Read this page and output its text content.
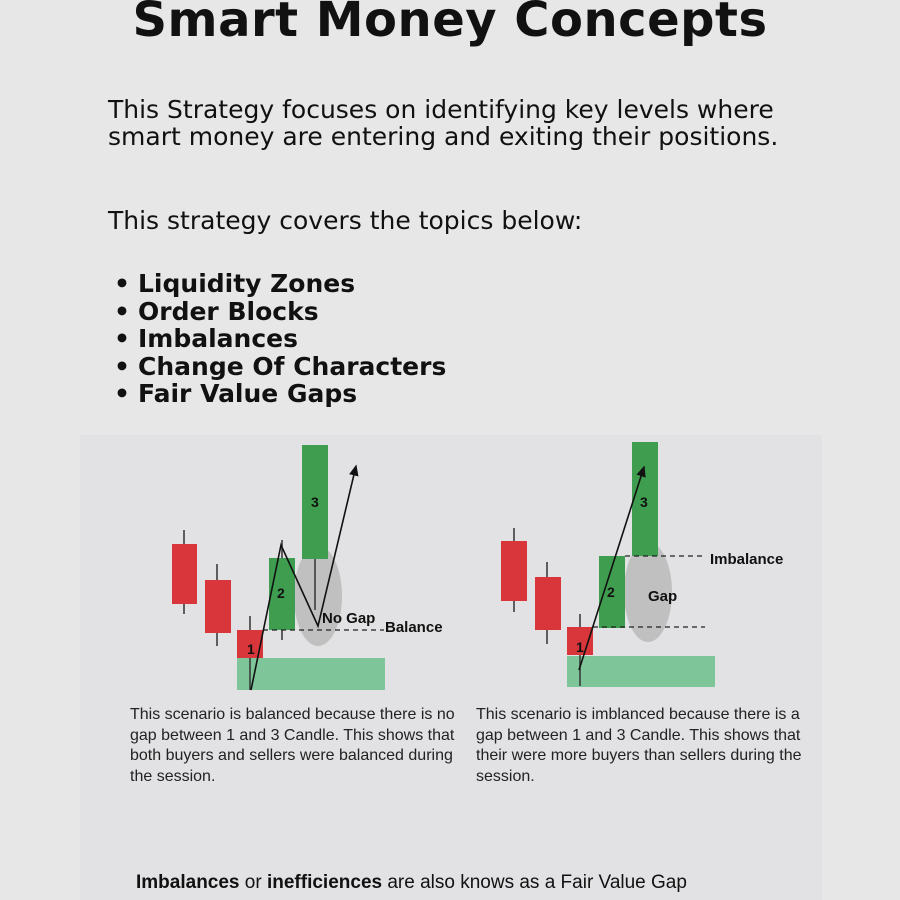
Smart Money Concepts

This Strategy focuses on identifying key levels where smart money are entering and exiting their positions.

This strategy covers the topics below:

• Liquidity Zones
• Order Blocks
• Imbalances
• Change Of Characters
• Fair Value Gaps
1
2
3
No Gap
Balance
1
2
3
Gap
Imbalance

This scenario is balanced because there is no gap between 1 and 3 Candle. This shows that both buyers and sellers were balanced during the session.

This scenario is imblanced because there is a gap between 1 and 3 Candle. This shows that their were more buyers than sellers during the session.

Imbalances or inefficiences are also knows as a Fair Value Gap
